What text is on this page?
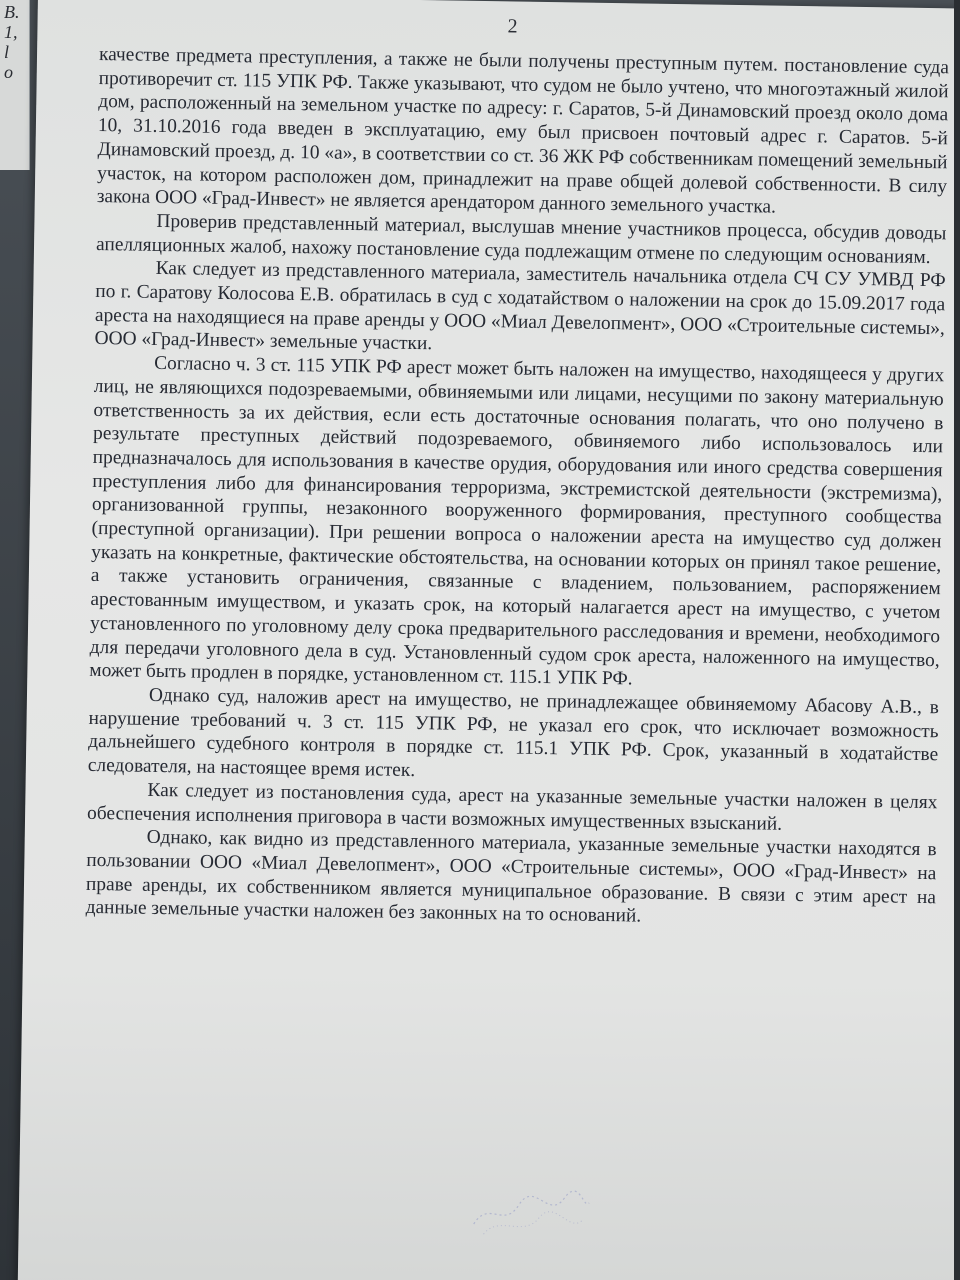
В.
1,
l
о
2

качестве предмета преступления, а также не были получены преступным путем. постановление суда противоречит ст. 115 УПК РФ. Также указывают, что судом не было учтено, что многоэтажный жилой дом, расположенный на земельном участке по адресу: г. Саратов, 5-й Динамовский проезд около дома 10, 31.10.2016 года введен в эксплуатацию, ему был присвоен почтовый адрес г. Саратов. 5-й Динамовский проезд, д. 10 «а», в соответствии со ст. 36 ЖК РФ собственникам помещений земельный участок, на котором расположен дом, принадлежит на праве общей долевой собственности. В силу закона ООО «Град-Инвест» не является арендатором данного земельного участка.

Проверив представленный материал, выслушав мнение участников процесса, обсудив доводы апелляционных жалоб, нахожу постановление суда подлежащим отмене по следующим основаниям.

Как следует из представленного материала, заместитель начальника отдела СЧ СУ УМВД РФ по г. Саратову Колосова Е.В. обратилась в суд с ходатайством о наложении на срок до 15.09.2017 года ареста на находящиеся на праве аренды у ООО «Миал Девелопмент», ООО «Строительные системы», ООО «Град-Инвест» земельные участки.

Согласно ч. 3 ст. 115 УПК РФ арест может быть наложен на имущество, находящееся у других лиц, не являющихся подозреваемыми, обвиняемыми или лицами, несущими по закону материальную ответственность за их действия, если есть достаточные основания полагать, что оно получено в результате преступных действий подозреваемого, обвиняемого либо использовалось или предназначалось для использования в качестве орудия, оборудования или иного средства совершения преступления либо для финансирования терроризма, экстремистской деятельности (экстремизма), организованной группы, незаконного вооруженного формирования, преступного сообщества (преступной организации). При решении вопроса о наложении ареста на имущество суд должен указать на конкретные, фактические обстоятельства, на основании которых он принял такое решение, а также установить ограничения, связанные с владением, пользованием, распоряжением арестованным имуществом, и указать срок, на который налагается арест на имущество, с учетом установленного по уголовному делу срока предварительного расследования и времени, необходимого для передачи уголовного дела в суд. Установленный судом срок ареста, наложенного на имущество, может быть продлен в порядке, установленном ст. 115.1 УПК РФ.

Однако суд, наложив арест на имущество, не принадлежащее обвиняемому Абасову А.В., в нарушение требований ч. 3 ст. 115 УПК РФ, не указал его срок, что исключает возможность дальнейшего судебного контроля в порядке ст. 115.1 УПК РФ. Срок, указанный в ходатайстве следователя, на настоящее время истек.

Как следует из постановления суда, арест на указанные земельные участки наложен в целях обеспечения исполнения приговора в части возможных имущественных взысканий.

Однако, как видно из представленного материала, указанные земельные участки находятся в пользовании ООО «Миал Девелопмент», ООО «Строительные системы», ООО «Град-Инвест» на праве аренды, их собственником является муниципальное образование. В связи с этим арест на данные земельные участки наложен без законных на то оснований.
